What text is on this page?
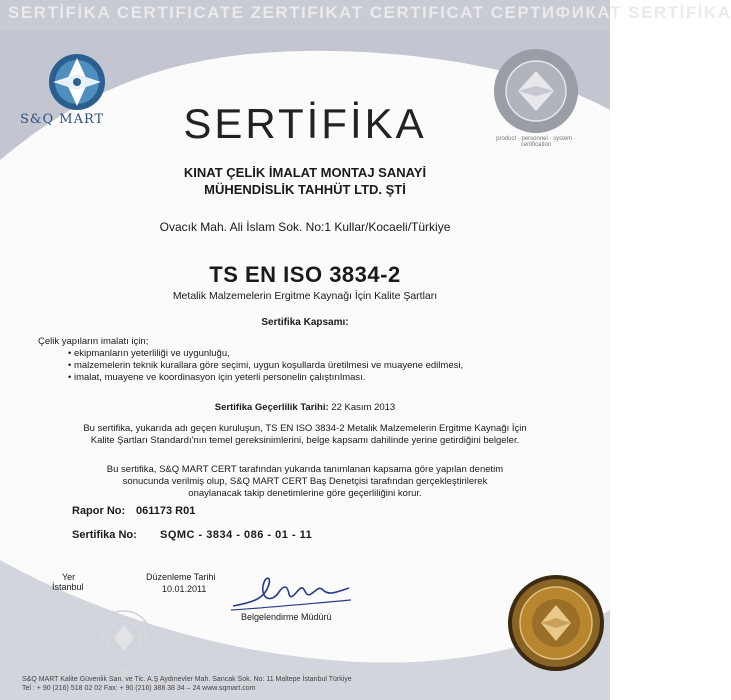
SERTİFİKA CERTIFICATE ZERTIFIKAT CERTIFICAT СЕРТИФИКАТ SERTİFİKA
S&Q MART
product · personnel · system · certification
SERTİFİKA
KINAT ÇELİK İMALAT MONTAJ SANAYİ
MÜHENDİSLİK TAHHÜT LTD. ŞTİ
Ovacık Mah. Ali İslam Sok. No:1 Kullar/Kocaeli/Türkiye
TS EN ISO 3834-2
Metalik Malzemelerin Ergitme Kaynağı İçin Kalite Şartları
Sertifika Kapsamı:
Çelik yapıların imalatı için;
• ekipmanların yeterliliği ve uygunluğu,
• malzemelerin teknik kurallara göre seçimi, uygun koşullarda üretilmesi ve muayene edilmesi,
• imalat, muayene ve koordinasyon için yeterli personelin çalıştırılması.
Sertifika Geçerlilik Tarihi: 22 Kasım 2013
Bu sertifika, yukarıda adı geçen kuruluşun, TS EN ISO 3834-2 Metalik Malzemelerin Ergitme Kaynağı İçin
Kalite Şartları Standardı'nın temel gereksinimlerini, belge kapsamı dahilinde yerine getirdiğini belgeler.
Bu sertifika, S&Q MART CERT tarafından yukarıda tanımlanan kapsama göre yapılan denetim
sonucunda verilmiş olup, S&Q MART CERT Baş Denetçisi tarafından gerçekleştirilerek
onaylanacak takip denetimlerine göre geçerliliğini korur.
Rapor No: 061173 R01
Sertifika No: SQMC - 3834 - 086 - 01 - 11
Yer
İstanbul
Düzenleme Tarihi
10.01.2011
Belgelendirme Müdürü
S&Q MART Kalite Güvenlik San. ve Tic. A.Ş Aydınevler Mah. Sancak Sok. No: 11 Maltepe İstanbul Türkiye
Tel : + 90 (216) 518 02 02 Fax: + 90 (216) 388 38 34 – 24 www.sqmart.com
